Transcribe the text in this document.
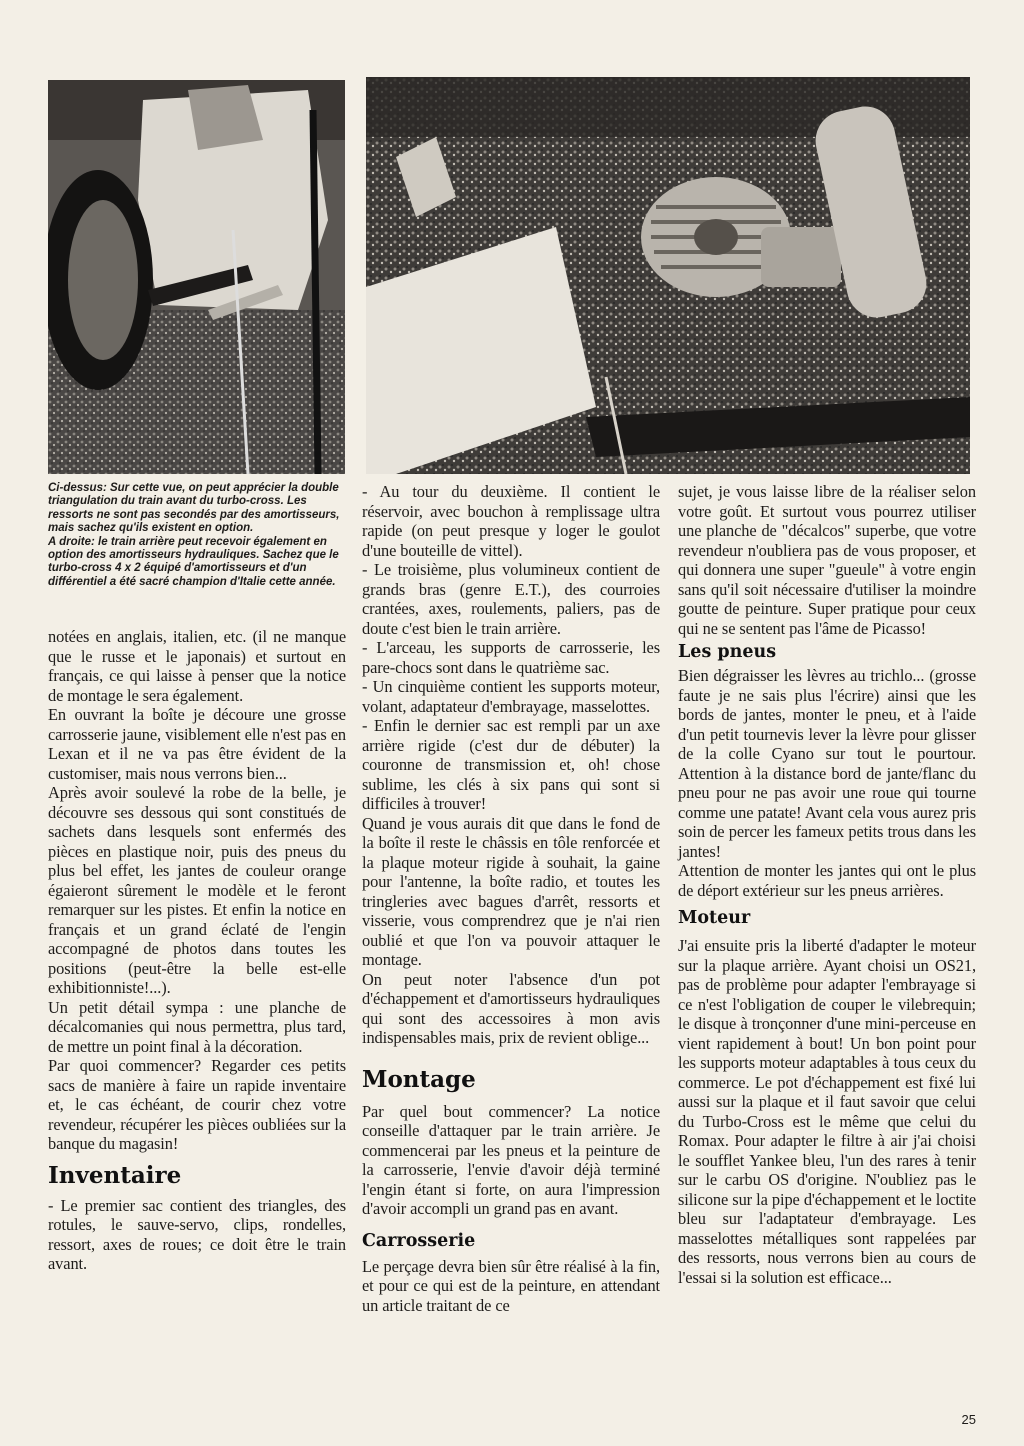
Ci-dessus: Sur cette vue, on peut apprécier la double triangulation du train avant du turbo-cross. Les ressorts ne sont pas secondés par des amortisseurs, mais sachez qu'ils existent en option.

A droite: le train arrière peut recevoir également en option des amortisseurs hydrauliques. Sachez que le turbo-cross 4 x 2 équipé d'amortisseurs et d'un différentiel a été sacré champion d'Italie cette année.

notées en anglais, italien, etc. (il ne manque que le russe et le japonais) et surtout en français, ce qui laisse à penser que la notice de montage le sera également.

En ouvrant la boîte je découre une grosse carrosserie jaune, visiblement elle n'est pas en Lexan et il ne va pas être évident de la customiser, mais nous verrons bien...

Après avoir soulevé la robe de la belle, je découvre ses dessous qui sont constitués de sachets dans lesquels sont enfermés des pièces en plastique noir, puis des pneus du plus bel effet, les jantes de couleur orange égaieront sûrement le modèle et le feront remarquer sur les pistes. Et enfin la notice en français et un grand éclaté de l'engin accompagné de photos dans toutes les positions (peut-être la belle est-elle exhibitionniste!...).

Un petit détail sympa : une planche de décalcomanies qui nous permettra, plus tard, de mettre un point final à la décoration.

Par quoi commencer? Regarder ces petits sacs de manière à faire un rapide inventaire et, le cas échéant, de courir chez votre revendeur, récupérer les pièces oubliées sur la banque du magasin!

Inventaire

- Le premier sac contient des triangles, des rotules, le sauve-servo, clips, rondelles, ressort, axes de roues; ce doit être le train avant.

- Au tour du deuxième. Il contient le réservoir, avec bouchon à remplissage ultra rapide (on peut presque y loger le goulot d'une bouteille de vittel).

- Le troisième, plus volumineux contient de grands bras (genre E.T.), des courroies crantées, axes, roulements, paliers, pas de doute c'est bien le train arrière.

- L'arceau, les supports de carrosserie, les pare-chocs sont dans le quatrième sac.

- Un cinquième contient les supports moteur, volant, adaptateur d'embrayage, masselottes.

- Enfin le dernier sac est rempli par un axe arrière rigide (c'est dur de débuter) la couronne de transmission et, oh! chose sublime, les clés à six pans qui sont si difficiles à trouver!

Quand je vous aurais dit que dans le fond de la boîte il reste le châssis en tôle renforcée et la plaque moteur rigide à souhait, la gaine pour l'antenne, la boîte radio, et toutes les tringleries avec bagues d'arrêt, ressorts et visserie, vous comprendrez que je n'ai rien oublié et que l'on va pouvoir attaquer le montage.

On peut noter l'absence d'un pot d'échappement et d'amortisseurs hydrauliques qui sont des accessoires à mon avis indispensables mais, prix de revient oblige...

Montage

Par quel bout commencer? La notice conseille d'attaquer par le train arrière. Je commencerai par les pneus et la peinture de la carrosserie, l'envie d'avoir déjà terminé l'engin étant si forte, on aura l'impression d'avoir accompli un grand pas en avant.

Carrosserie

Le perçage devra bien sûr être réalisé à la fin, et pour ce qui est de la peinture, en attendant un article traitant de ce

sujet, je vous laisse libre de la réaliser selon votre goût. Et surtout vous pourrez utiliser une planche de "décalcos" superbe, que votre revendeur n'oubliera pas de vous proposer, et qui donnera une super "gueule" à votre engin sans qu'il soit nécessaire d'utiliser la moindre goutte de peinture. Super pratique pour ceux qui ne se sentent pas l'âme de Picasso!

Les pneus

Bien dégraisser les lèvres au trichlo... (grosse faute je ne sais plus l'écrire) ainsi que les bords de jantes, monter le pneu, et à l'aide d'un petit tournevis lever la lèvre pour glisser de la colle Cyano sur tout le pourtour. Attention à la distance bord de jante/flanc du pneu pour ne pas avoir une roue qui tourne comme une patate! Avant cela vous aurez pris soin de percer les fameux petits trous dans les jantes!

Attention de monter les jantes qui ont le plus de déport extérieur sur les pneus arrières.

Moteur

J'ai ensuite pris la liberté d'adapter le moteur sur la plaque arrière. Ayant choisi un OS21, pas de problème pour adapter l'embrayage si ce n'est l'obligation de couper le vilebrequin; le disque à tronçonner d'une mini-perceuse en vient rapidement à bout! Un bon point pour les supports moteur adaptables à tous ceux du commerce. Le pot d'échappement est fixé lui aussi sur la plaque et il faut savoir que celui du Turbo-Cross est le même que celui du Romax. Pour adapter le filtre à air j'ai choisi le soufflet Yankee bleu, l'un des rares à tenir sur le carbu OS d'origine. N'oubliez pas le silicone sur la pipe d'échappement et le loctite bleu sur l'adaptateur d'embrayage. Les masselottes métalliques sont rappelées par des ressorts, nous verrons bien au cours de l'essai si la solution est efficace...

25
